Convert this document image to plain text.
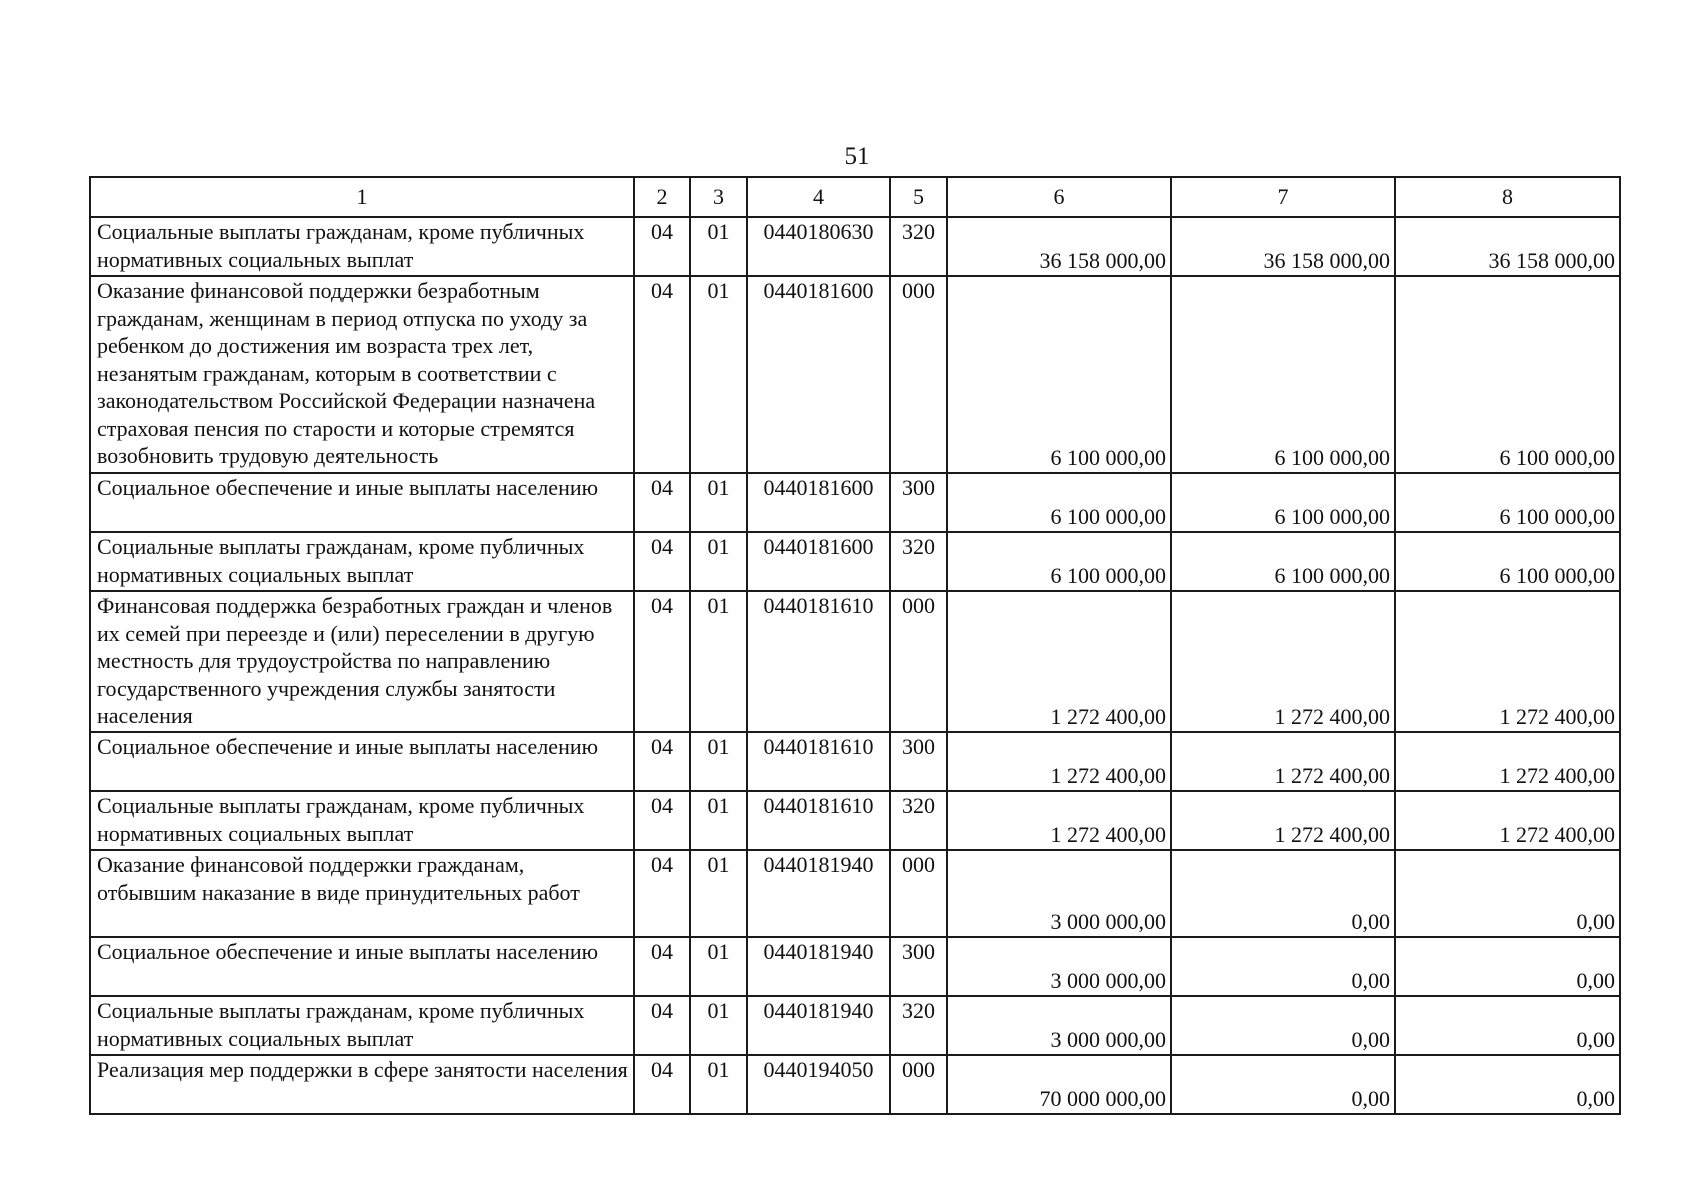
51
1	2	3	4	5	6	7	8
Социальные выплаты гражданам, кроме публичных нормативных социальных выплат	04	01	0440180630	320	36 158 000,00	36 158 000,00	36 158 000,00
Оказание финансовой поддержки безработным гражданам, женщинам в период отпуска по уходу за ребенком до достижения им возраста трех лет, незанятым гражданам, которым в соответствии с законодательством Российской Федерации назначена страховая пенсия по старости и которые стремятся возобновить трудовую деятельность	04	01	0440181600	000	6 100 000,00	6 100 000,00	6 100 000,00
Социальное обеспечение и иные выплаты населению	04	01	0440181600	300	6 100 000,00	6 100 000,00	6 100 000,00
Социальные выплаты гражданам, кроме публичных нормативных социальных выплат	04	01	0440181600	320	6 100 000,00	6 100 000,00	6 100 000,00
Финансовая поддержка безработных граждан и членов их семей при переезде и (или) переселении в другую местность для трудоустройства по направлению государственного учреждения службы занятости населения	04	01	0440181610	000	1 272 400,00	1 272 400,00	1 272 400,00
Социальное обеспечение и иные выплаты населению	04	01	0440181610	300	1 272 400,00	1 272 400,00	1 272 400,00
Социальные выплаты гражданам, кроме публичных нормативных социальных выплат	04	01	0440181610	320	1 272 400,00	1 272 400,00	1 272 400,00
Оказание финансовой поддержки гражданам, отбывшим наказание в виде принудительных работ	04	01	0440181940	000	3 000 000,00	0,00	0,00
Социальное обеспечение и иные выплаты населению	04	01	0440181940	300	3 000 000,00	0,00	0,00
Социальные выплаты гражданам, кроме публичных нормативных социальных выплат	04	01	0440181940	320	3 000 000,00	0,00	0,00
Реализация мер поддержки в сфере занятости населения	04	01	0440194050	000	70 000 000,00	0,00	0,00
